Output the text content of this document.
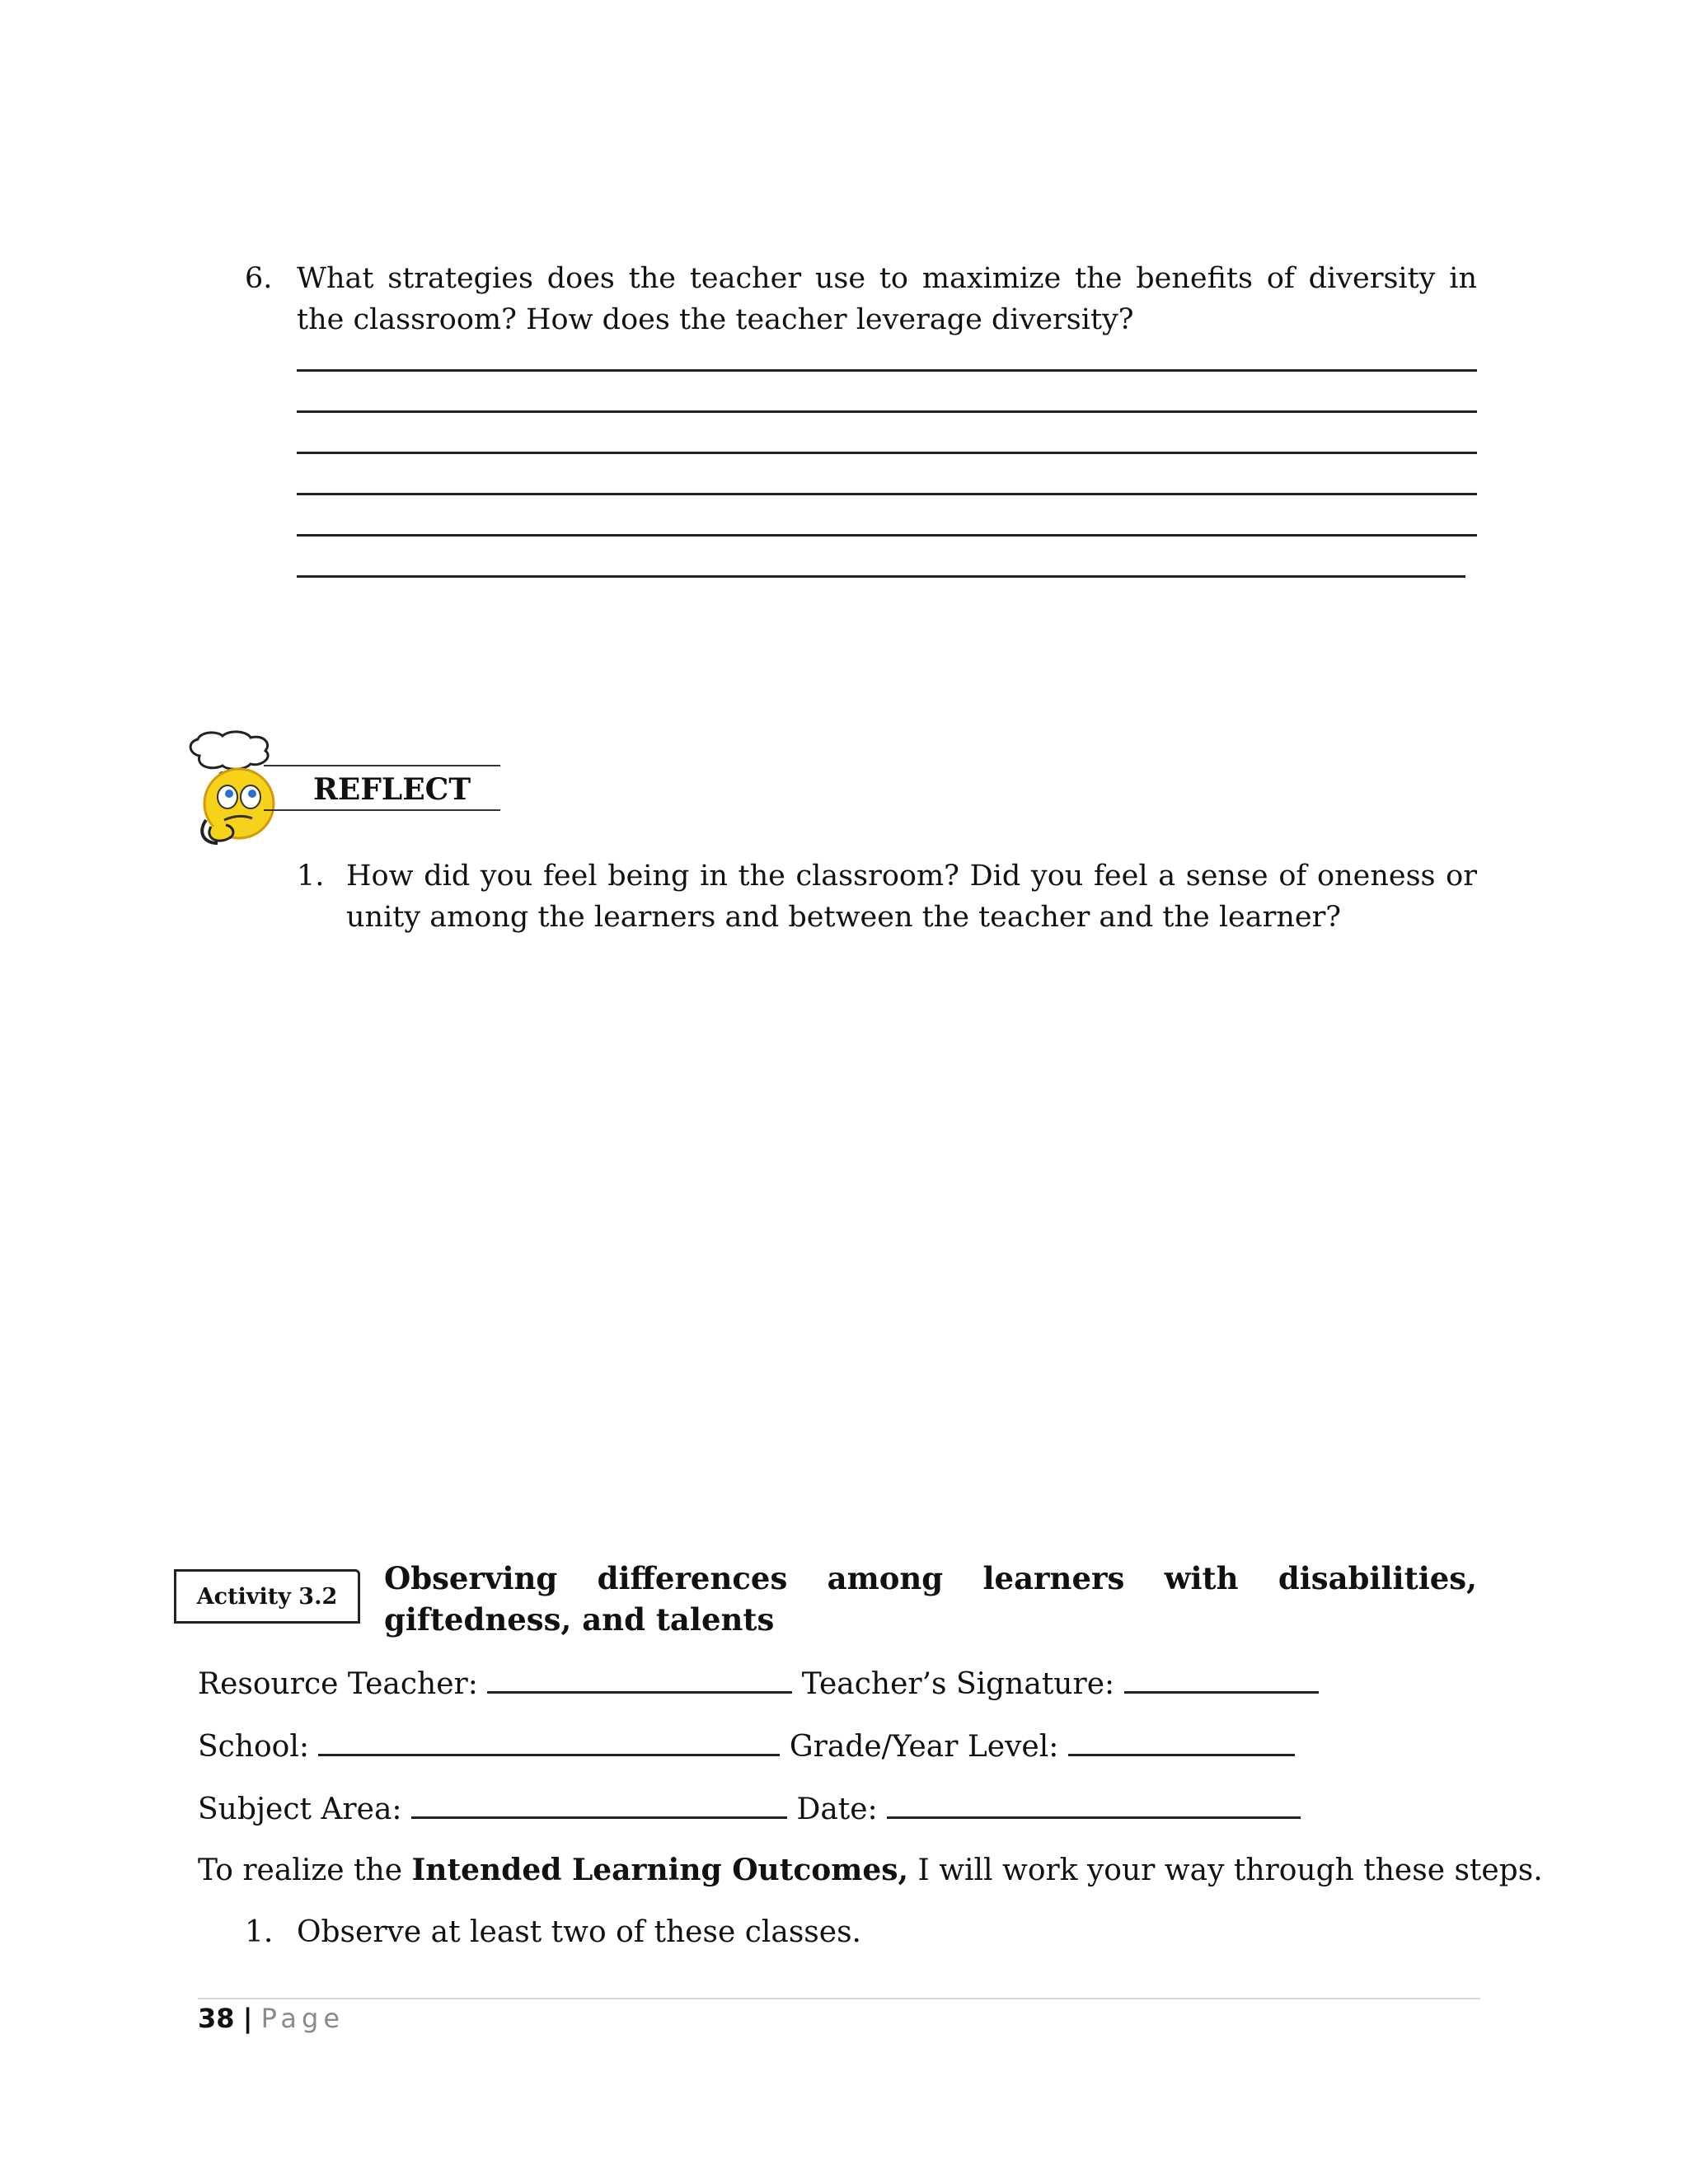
6. What strategies does the teacher use to maximize the benefits of diversity in the classroom? How does the teacher leverage diversity?
REFLECT
1. How did you feel being in the classroom? Did you feel a sense of oneness or unity among the learners and between the teacher and the learner?
Activity 3.2 Observing differences among learners with disabilities, giftedness, and talents
Resource Teacher:	Teacher’s Signature:
School:	Grade/Year Level:
Subject Area:	Date:
To realize the Intended Learning Outcomes, I will work your way through these steps.
1. Observe at least two of these classes.
38 | Page
